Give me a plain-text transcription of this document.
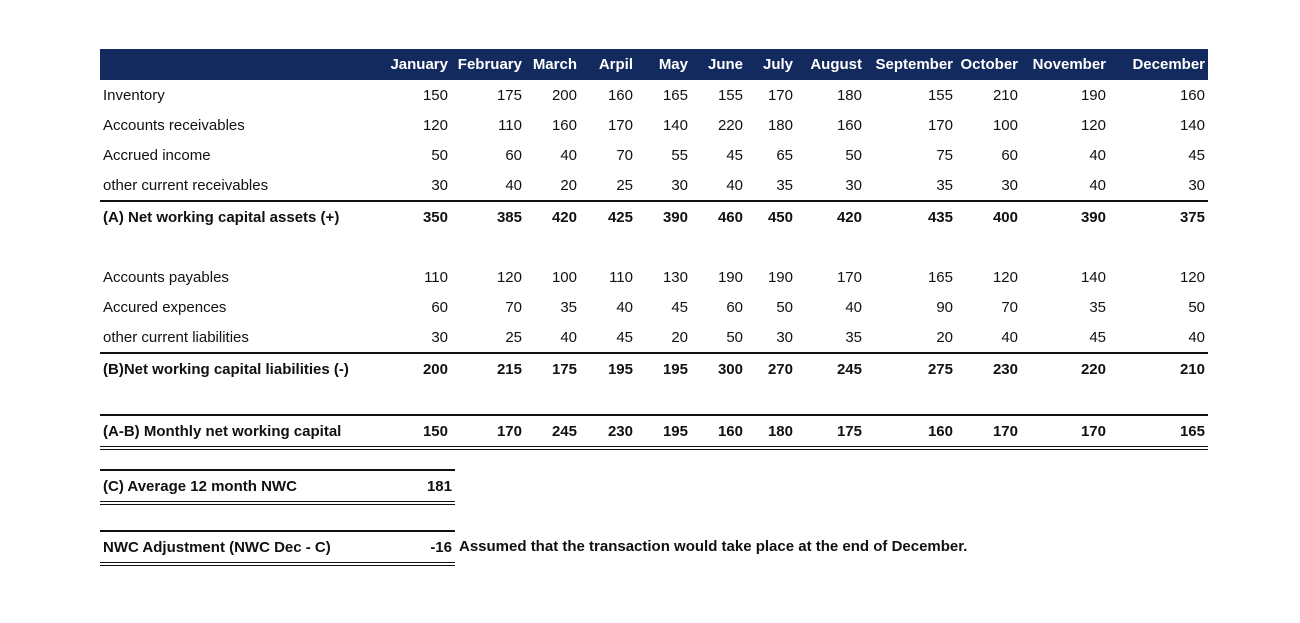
	January	February	March	Arpil	May	June	July	August	September	October	November	December
Inventory	150	175	200	160	165	155	170	180	155	210	190	160
Accounts receivables	120	110	160	170	140	220	180	160	170	100	120	140
Accrued income	50	60	40	70	55	45	65	50	75	60	40	45
other current receivables	30	40	20	25	30	40	35	30	35	30	40	30
(A) Net working capital assets (+)	350	385	420	425	390	460	450	420	435	400	390	375

Accounts payables	110	120	100	110	130	190	190	170	165	120	140	120
Accured expences	60	70	35	40	45	60	50	40	90	70	35	50
other current liabilities	30	25	40	45	20	50	30	35	20	40	45	40
(B)Net working capital liabilities (-)	200	215	175	195	195	300	270	245	275	230	220	210

(A-B) Monthly net working capital	150	170	245	230	195	160	180	175	160	170	170	165
(C) Average 12 month NWC	181
NWC Adjustment (NWC Dec - C)	-16 Assumed that the transaction would take place at the end of December.
